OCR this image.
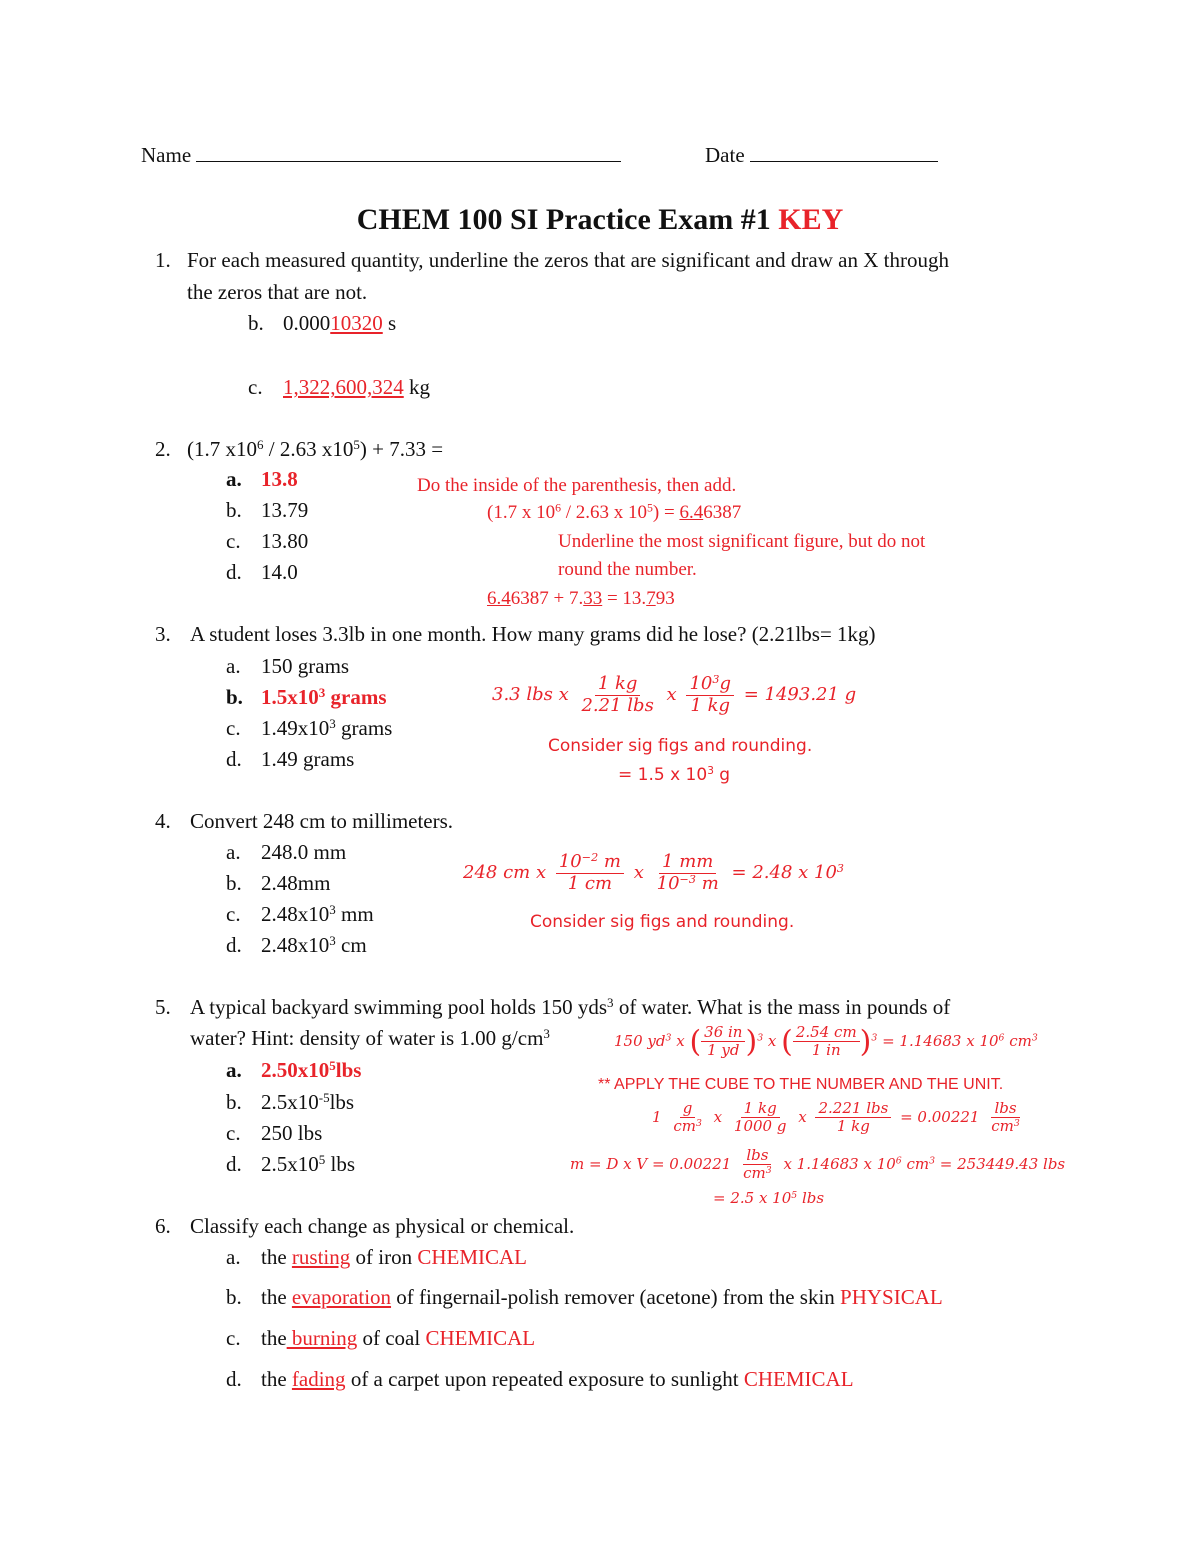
Name	Date
CHEM 100 SI Practice Exam #1 KEY
1. For each measured quantity, underline the zeros that are significant and draw an X through
the zeros that are not.
b. 0.00010320 s
c. 1,322,600,324 kg
2. (1.7 $x10^6 / 2.63$ $x10^5) + 7.33$ =
a. 13.8
b. 13.79
c. 13.80
d. 14.0
Do the inside of the parenthesis, then add.
(1.7 x $10^6 / 2.63$ x $10^5) = 6.46387$
Underline the most significant figure, but do not
round the number.
6.46387 + 7.33 = 13.793
3. A student loses 3.3lb in one month. How many grams did he lose? (2.21lbs= 1kg)
a. 150 grams
b. $1.5x10^3$ grams
c. $1.49x10^3$ grams
d. 1.49 grams
3.3 lbs x $\frac{1 kg}{\text{2.21 lbs}}$ x $\frac{10^3g}{1 kg} = 1493.21$ g
Consider sig figs and rounding.
= 1.5 x $10^3$ g
4. Convert 248 cm to millimeters.
a. 248.0 mm
b. 2.48mm
c. $2.48x10^3$ mm
d. $2.48x10^3$ cm
248 cm x $\frac{10^{-2} m}{1 cm}$ x $\frac{1 mm}{10^{-3} m} = 2.48$ x $10^3$
Consider sig figs and rounding.
5. A typical backyard swimming pool holds 150 yds$^3$ of water. What is the mass in pounds of
water? Hint: density of water is 1.00 $g/cm^3$
a. $2.50x10^5lbs$
b. $2.5x10^{-5}lbs$
c. 250 lbs
d. $2.5x10^5$ lbs
150 $yd^3$ x ( $\frac{36 in}{1 yd} )^3$ x ( $\frac{2.54 cm}{1 in} )^3 = 1.14683$ x $10^6$ $cm^3$
** APPLY THE CUBE TO THE NUMBER AND THE UNIT.
$1 \frac{g}{cm^3}$ x $\frac{1 kg}{1000 g}$ x $\frac{\text{2.221 lbs}}{1 kg} = 0.00221 \frac{\text{lbs}}{cm^3}$
m = D x $V = 0.00221 \frac{\text{lbs}}{cm^3}$ x 1.14683 x $10^6$ $cm^3 = 253449.43$ lbs
= 2.5 x $10^5$ lbs
6. Classify each change as physical or chemical.
a. the rusting of iron CHEMICAL
b. the evaporation of fingernail-polish remover (acetone) from the skin PHYSICAL
c. the burning of coal CHEMICAL
d. the fading of a carpet upon repeated exposure to sunlight CHEMICAL
